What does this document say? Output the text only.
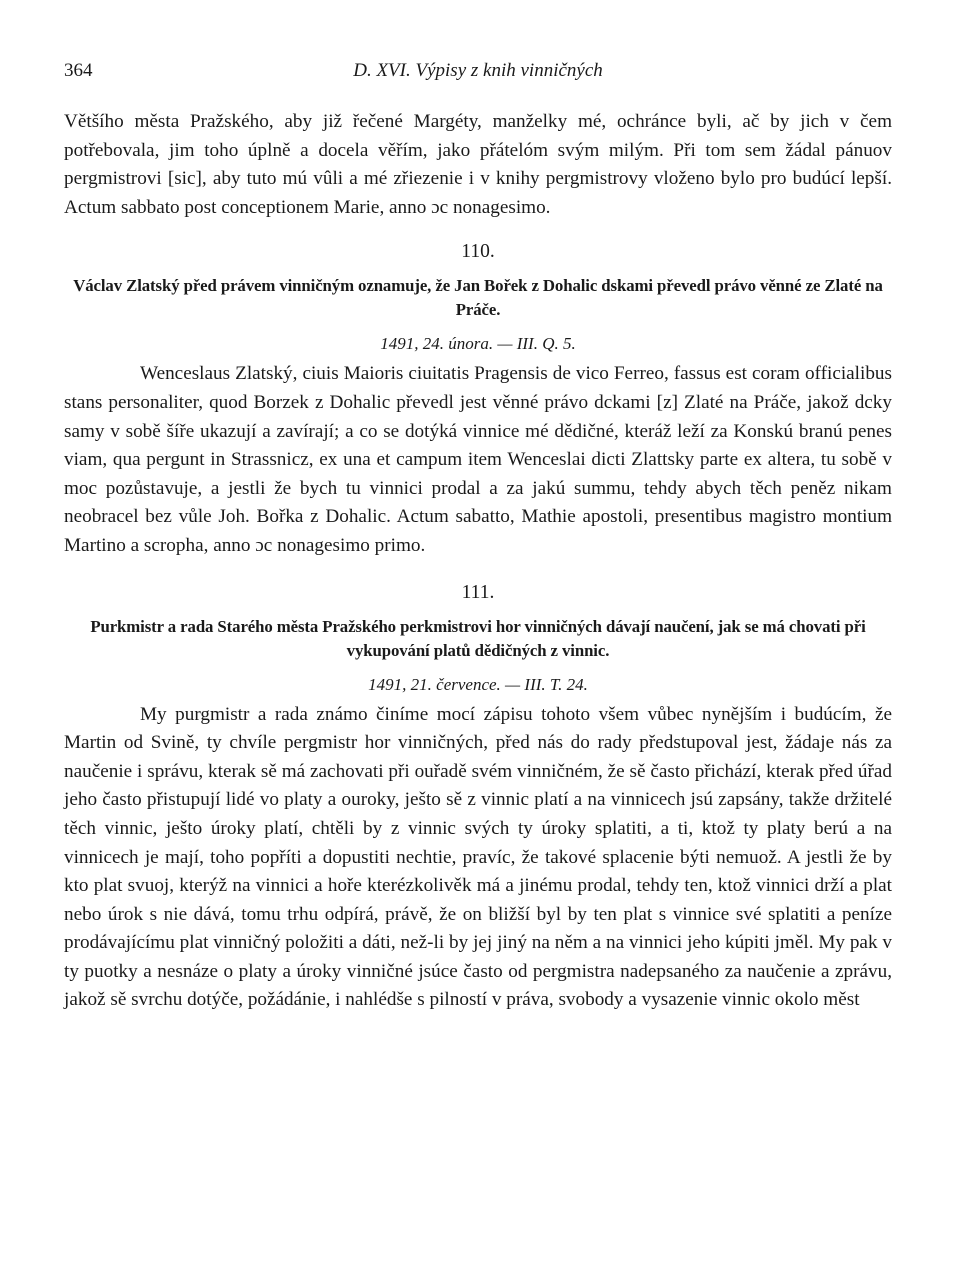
364	D. XVI. Výpisy z knih vinničných

Většího města Pražského, aby již řečené Margéty, manželky mé, ochránce byli, ač by jich v čem potřebovala, jim toho úplně a docela věřím, jako přátelóm svým milým. Při tom sem žádal pánuov pergmistrovi [sic], aby tuto mú vûli a mé zřiezenie i v knihy pergmistrovy vloženo bylo pro budúcí lepší. Actum sabbato post conceptionem Marie, anno ɔc nonagesimo.

110.

Václav Zlatský před právem vinničným oznamuje, že Jan Bořek z Dohalic dskami převedl právo věnné ze Zlaté na Práče.

1491, 24. února. — III. Q. 5.

Wenceslaus Zlatský, ciuis Maioris ciuitatis Pragensis de vico Ferreo, fassus est coram officialibus stans personaliter, quod Borzek z Dohalic převedl jest věnné právo dckami [z] Zlaté na Práče, jakož dcky samy v sobě šíře ukazují a zavírají; a co se dotýká vinnice mé dědičné, kteráž leží za Konskú branú penes viam, qua pergunt in Strassnicz, ex una et campum item Wenceslai dicti Zlattsky parte ex altera, tu sobě v moc pozůstavuje, a jestli že bych tu vinnici prodal a za jakú summu, tehdy abych těch peněz nikam neobracel bez vůle Joh. Bořka z Dohalic. Actum sabatto, Mathie apostoli, presentibus magistro montium Martino a scropha, anno ɔc nonagesimo primo.

111.

Purkmistr a rada Starého města Pražského perkmistrovi hor vinničných dávají naučení, jak se má chovati při vykupování platů dědičných z vinnic.

1491, 21. července. — III. T. 24.

My purgmistr a rada známo činíme mocí zápisu tohoto všem vůbec nynějším i budúcím, že Martin od Svině, ty chvíle pergmistr hor vinničných, před nás do rady předstupoval jest, žádaje nás za naučenie i správu, kterak sě má zachovati při ouřadě svém vinničném, že sě často přichází, kterak před úřad jeho často přistupují lidé vo platy a ouroky, ješto sě z vinnic platí a na vinnicech jsú zapsány, takže držitelé těch vinnic, ješto úroky platí, chtěli by z vinnic svých ty úroky splatiti, a ti, ktož ty platy berú a na vinnicech je mají, toho popříti a dopustiti nechtie, pravíc, že takové splacenie býti nemuož. A jestli že by kto plat svuoj, kterýž na vinnici a hoře kterézkolivěk má a jinému prodal, tehdy ten, ktož vinnici drží a plat nebo úrok s nie dává, tomu trhu odpírá, právě, že on bližší byl by ten plat s vinnice své splatiti a peníze prodávajícímu plat vinničný položiti a dáti, než-li by jej jiný na něm a na vinnici jeho kúpiti jměl. My pak v ty puotky a nesnáze o platy a úroky vinničné jsúce často od pergmistra nadepsaného za naučenie a zprávu, jakož sě svrchu dotýče, požádánie, i nahlédše s pilností v práva, svobody a vysazenie vinnic okolo měst
